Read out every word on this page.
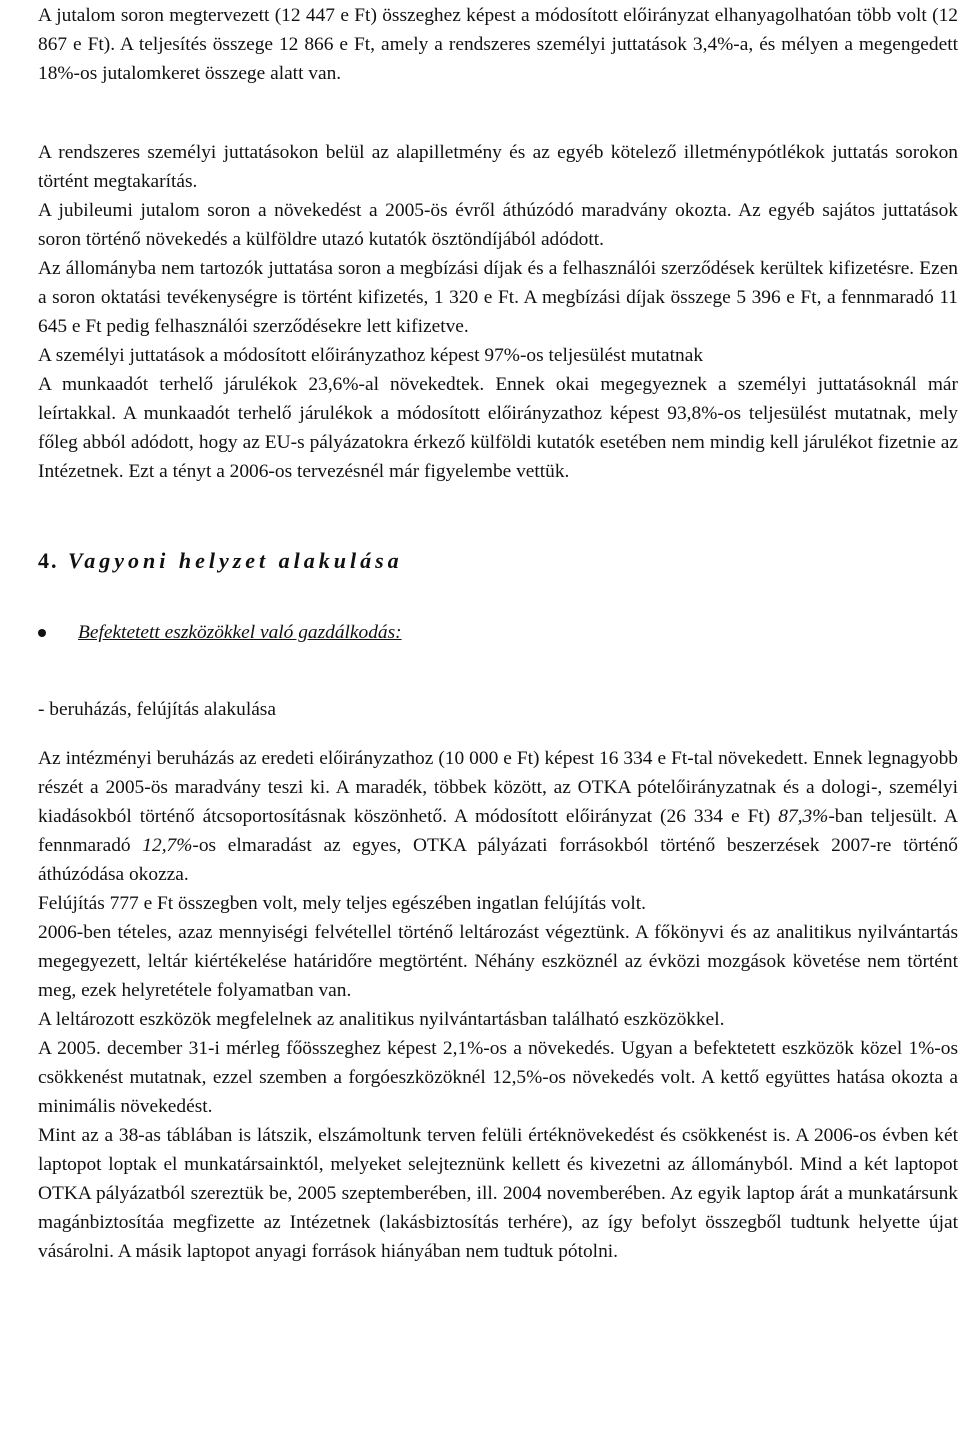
A jutalom soron megtervezett (12 447 e Ft) összeghez képest a módosított előirányzat elhanyagolhatóan több volt (12 867 e Ft). A teljesítés összege 12 866 e Ft, amely a rendszeres személyi juttatások 3,4%-a, és mélyen a megengedett 18%-os jutalomkeret összege alatt van.

A rendszeres személyi juttatásokon belül az alapilletmény és az egyéb kötelező illetménypótlékok juttatás sorokon történt megtakarítás.

A jubileumi jutalom soron a növekedést a 2005-ös évről áthúzódó maradvány okozta. Az egyéb sajátos juttatások soron történő növekedés a külföldre utazó kutatók ösztöndíjából adódott.

Az állományba nem tartozók juttatása soron a megbízási díjak és a felhasználói szerződések kerültek kifizetésre. Ezen a soron oktatási tevékenységre is történt kifizetés, 1 320 e Ft. A megbízási díjak összege 5 396 e Ft, a fennmaradó 11 645 e Ft pedig felhasználói szerződésekre lett kifizetve.

A személyi juttatások a módosított előirányzathoz képest 97%-os teljesülést mutatnak

A munkaadót terhelő járulékok 23,6%-al növekedtek. Ennek okai megegyeznek a személyi juttatásoknál már leírtakkal. A munkaadót terhelő járulékok a módosított előirányzathoz képest 93,8%-os teljesülést mutatnak, mely főleg abból adódott, hogy az EU-s pályázatokra érkező külföldi kutatók esetében nem mindig kell járulékot fizetnie az Intézetnek. Ezt a tényt a 2006-os tervezésnél már figyelembe vettük.

4. Vagyoni helyzet alakulása
Befektetett eszközökkel való gazdálkodás:

- beruházás, felújítás alakulása

Az intézményi beruházás az eredeti előirányzathoz (10 000 e Ft) képest 16 334 e Ft-tal növekedett. Ennek legnagyobb részét a 2005-ös maradvány teszi ki. A maradék, többek között, az OTKA pótelőirányzatnak és a dologi-, személyi kiadásokból történő átcsoportosításnak köszönhető. A módosított előirányzat (26 334 e Ft) 87,3%-ban teljesült. A fennmaradó 12,7%-os elmaradást az egyes, OTKA pályázati forrásokból történő beszerzések 2007-re történő áthúzódása okozza.

Felújítás 777 e Ft összegben volt, mely teljes egészében ingatlan felújítás volt.

2006-ben tételes, azaz mennyiségi felvétellel történő leltározást végeztünk. A főkönyvi és az analitikus nyilvántartás megegyezett, leltár kiértékelése határidőre megtörtént. Néhány eszköznél az évközi mozgások követése nem történt meg, ezek helyretétele folyamatban van.

A leltározott eszközök megfelelnek az analitikus nyilvántartásban található eszközökkel.

A 2005. december 31-i mérleg főösszeghez képest 2,1%-os a növekedés. Ugyan a befektetett eszközök közel 1%-os csökkenést mutatnak, ezzel szemben a forgóeszközöknél 12,5%-os növekedés volt. A kettő együttes hatása okozta a minimális növekedést.

Mint az a 38-as táblában is látszik, elszámoltunk terven felüli értéknövekedést és csökkenést is. A 2006-os évben két laptopot loptak el munkatársainktól, melyeket selejteznünk kellett és kivezetni az állományból. Mind a két laptopot OTKA pályázatból szereztük be, 2005 szeptemberében, ill. 2004 novemberében. Az egyik laptop árát a munkatársunk magánbiztosítáa megfizette az Intézetnek (lakásbiztosítás terhére), az így befolyt összegből tudtunk helyette újat vásárolni. A másik laptopot anyagi források hiányában nem tudtuk pótolni.
